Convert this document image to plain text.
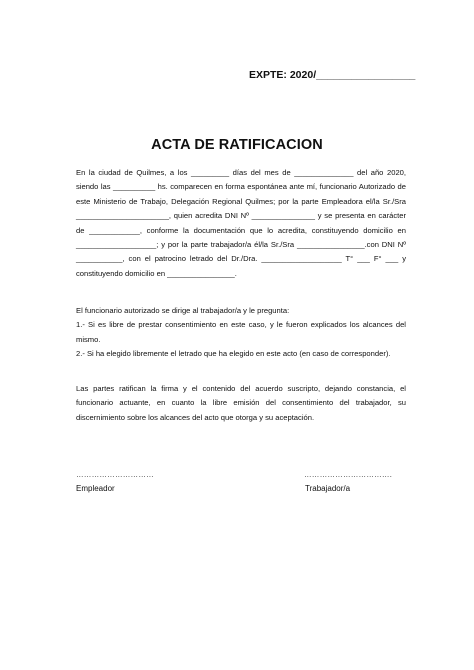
EXPTE: 2020/_________________
ACTA DE RATIFICACION

En la ciudad de Quilmes, a los _________ días del mes de ______________ del año 2020, siendo las __________ hs. comparecen en forma espontánea ante mí, funcionario Autorizado de este Ministerio de Trabajo, Delegación Regional Quilmes; por la parte Empleadora el/la Sr./Sra ______________________, quien acredita DNI Nº _______________ y se presenta en carácter de ____________, conforme la documentación que lo acredita, constituyendo domicilio en ___________________; y por la parte trabajador/a él/la Sr./Sra ________________.con DNI Nº ___________, con el patrocino letrado del Dr./Dra. ___________________ T° ___ F° ___ y constituyendo domicilio en ________________.

El funcionario autorizado se dirige al trabajador/a y le pregunta:

1.- Si es libre de prestar consentimiento en este caso, y le fueron explicados los alcances del mismo.

2.- Si ha elegido libremente el letrado que ha elegido en este acto (en caso de corresponder).

Las partes ratifican la firma y el contenido del acuerdo suscripto, dejando constancia, el funcionario actuante, en cuanto la libre emisión del consentimiento del trabajador, su discernimiento sobre los alcances del acto que otorga y su aceptación.

…………………………
Empleador
…………………………….
Trabajador/a
